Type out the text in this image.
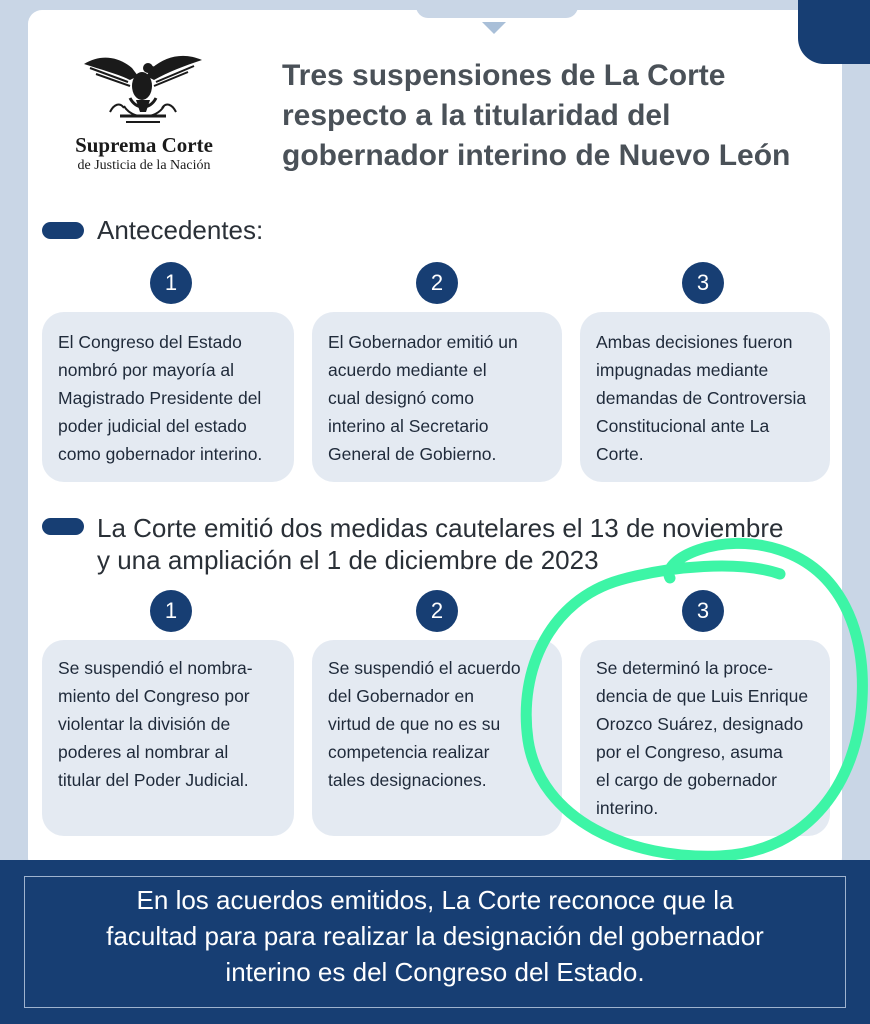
Suprema Corte
de Justicia de la Nación
Tres suspensiones de La Corte
respecto a la titularidad del
gobernador interino de Nuevo León
Antecedentes:
1	2	3
El Congreso del Estado
nombró por mayoría al
Magistrado Presidente del
poder judicial del estado
como gobernador interino.
El Gobernador emitió un
acuerdo mediante el
cual designó como
interino al Secretario
General de Gobierno.
Ambas decisiones fueron
impugnadas mediante
demandas de Controversia
Constitucional ante La
Corte.
La Corte emitió dos medidas cautelares el 13 de noviembre
y una ampliación el 1 de diciembre de 2023
1	2	3
Se suspendió el nombra-
miento del Congreso por
violentar la división de
poderes al nombrar al
titular del Poder Judicial.
Se suspendió el acuerdo
del Gobernador en
virtud de que no es su
competencia realizar
tales designaciones.
Se determinó la proce-
dencia de que Luis Enrique
Orozco Suárez, designado
por el Congreso, asuma
el cargo de gobernador
interino.
En los acuerdos emitidos, La Corte reconoce que la
facultad para para realizar la designación del gobernador
interino es del Congreso del Estado.
